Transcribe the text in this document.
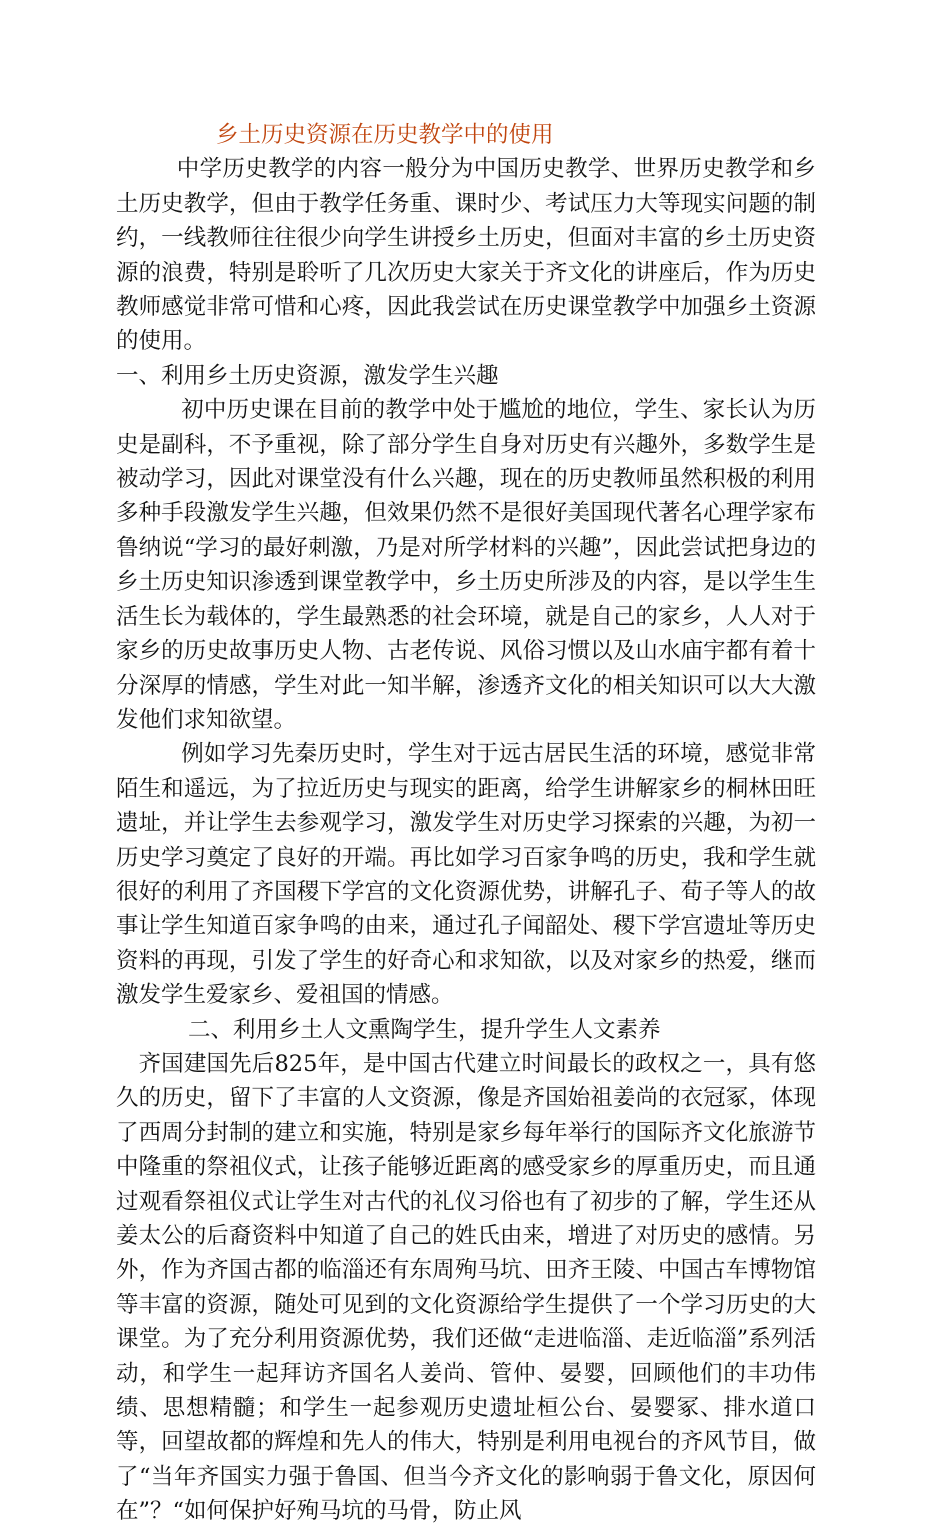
乡土历史资源在历史教学中的使用

中学历史教学的内容一般分为中国历史教学、世界历史教学和乡土历史教学，但由于教学任务重、课时少、考试压力大等现实问题的制约，一线教师往往很少向学生讲授乡土历史，但面对丰富的乡土历史资源的浪费，特别是聆听了几次历史大家关于齐文化的讲座后，作为历史教师感觉非常可惜和心疼，因此我尝试在历史课堂教学中加强乡土资源的使用。

一、利用乡土历史资源，激发学生兴趣

初中历史课在目前的教学中处于尴尬的地位，学生、家长认为历史是副科，不予重视，除了部分学生自身对历史有兴趣外，多数学生是被动学习，因此对课堂没有什么兴趣，现在的历史教师虽然积极的利用多种手段激发学生兴趣，但效果仍然不是很好美国现代著名心理学家布鲁纳说“学习的最好刺激，乃是对所学材料的兴趣”，因此尝试把身边的乡土历史知识渗透到课堂教学中，乡土历史所涉及的内容，是以学生生活生长为载体的，学生最熟悉的社会环境，就是自己的家乡，人人对于家乡的历史故事历史人物、古老传说、风俗习惯以及山水庙宇都有着十分深厚的情感，学生对此一知半解，渗透齐文化的相关知识可以大大激发他们求知欲望。

例如学习先秦历史时，学生对于远古居民生活的环境，感觉非常陌生和遥远，为了拉近历史与现实的距离，给学生讲解家乡的桐林田旺遗址，并让学生去参观学习，激发学生对历史学习探索的兴趣，为初一历史学习奠定了良好的开端。再比如学习百家争鸣的历史，我和学生就很好的利用了齐国稷下学宫的文化资源优势，讲解孔子、荀子等人的故事让学生知道百家争鸣的由来，通过孔子闻韶处、稷下学宫遗址等历史资料的再现，引发了学生的好奇心和求知欲，以及对家乡的热爱，继而激发学生爱家乡、爱祖国的情感。

二、利用乡土人文熏陶学生，提升学生人文素养

齐国建国先后825年，是中国古代建立时间最长的政权之一，具有悠久的历史，留下了丰富的人文资源，像是齐国始祖姜尚的衣冠冢，体现了西周分封制的建立和实施，特别是家乡每年举行的国际齐文化旅游节中隆重的祭祖仪式，让孩子能够近距离的感受家乡的厚重历史，而且通过观看祭祖仪式让学生对古代的礼仪习俗也有了初步的了解，学生还从姜太公的后裔资料中知道了自己的姓氏由来，增进了对历史的感情。另外，作为齐国古都的临淄还有东周殉马坑、田齐王陵、中国古车博物馆等丰富的资源，随处可见到的文化资源给学生提供了一个学习历史的大课堂。为了充分利用资源优势，我们还做“走进临淄、走近临淄”系列活动，和学生一起拜访齐国名人姜尚、管仲、晏婴，回顾他们的丰功伟绩、思想精髓；和学生一起参观历史遗址桓公台、晏婴冢、排水道口等，回望故都的辉煌和先人的伟大，特别是利用电视台的齐风节目，做了“当年齐国实力强于鲁国、但当今齐文化的影响弱于鲁文化，原因何在”？“如何保护好殉马坑的马骨，防止风
